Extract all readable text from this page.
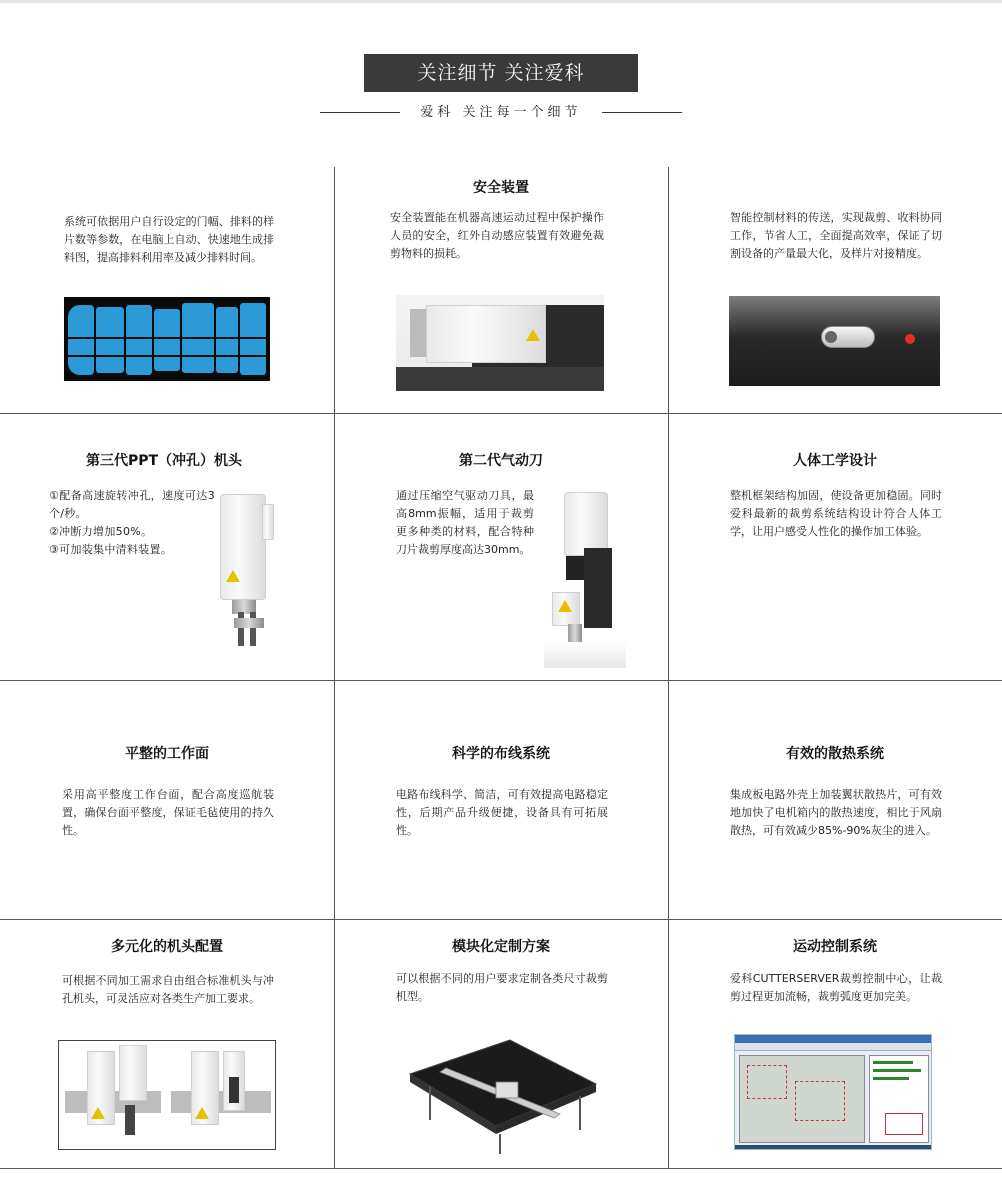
关注细节 关注爱科
爱科 关注每一个细节
系统可依据用户自行设定的门幅、排料的样片数等参数，在电脑上自动、快速地生成排料图，提高排料利用率及减少排料时间。
安全装置
安全装置能在机器高速运动过程中保护操作人员的安全，红外自动感应装置有效避免裁剪物料的损耗。
智能控制材料的传送，实现裁剪、收料协同工作，节省人工，全面提高效率，保证了切割设备的产量最大化，及样片对接精度。
第三代PPT（冲孔）机头

①配备高速旋转冲孔，速度可达3个/秒。

②冲断力增加50%。

③可加装集中清料装置。

第二代气动刀
通过压缩空气驱动刀具，最高8mm振幅，适用于裁剪更多种类的材料，配合特种刀片裁剪厚度高达30mm。
人体工学设计
整机框架结构加固，使设备更加稳固。同时爱科最新的裁剪系统结构设计符合人体工学，让用户感受人性化的操作加工体验。
平整的工作面
采用高平整度工作台面，配合高度巡航装置，确保台面平整度，保证毛毡使用的持久性。
科学的布线系统
电路布线科学、简洁，可有效提高电路稳定性，后期产品升级便捷，设备具有可拓展性。
有效的散热系统
集成板电路外壳上加装翼状散热片，可有效地加快了电机箱内的散热速度，相比于风扇散热，可有效减少85%-90%灰尘的进入。
多元化的机头配置
可根据不同加工需求自由组合标准机头与冲孔机头，可灵活应对各类生产加工要求。
模块化定制方案
可以根据不同的用户要求定制各类尺寸裁剪机型。
运动控制系统
爱科CUTTERSERVER裁剪控制中心，让裁剪过程更加流畅，裁剪弧度更加完美。
